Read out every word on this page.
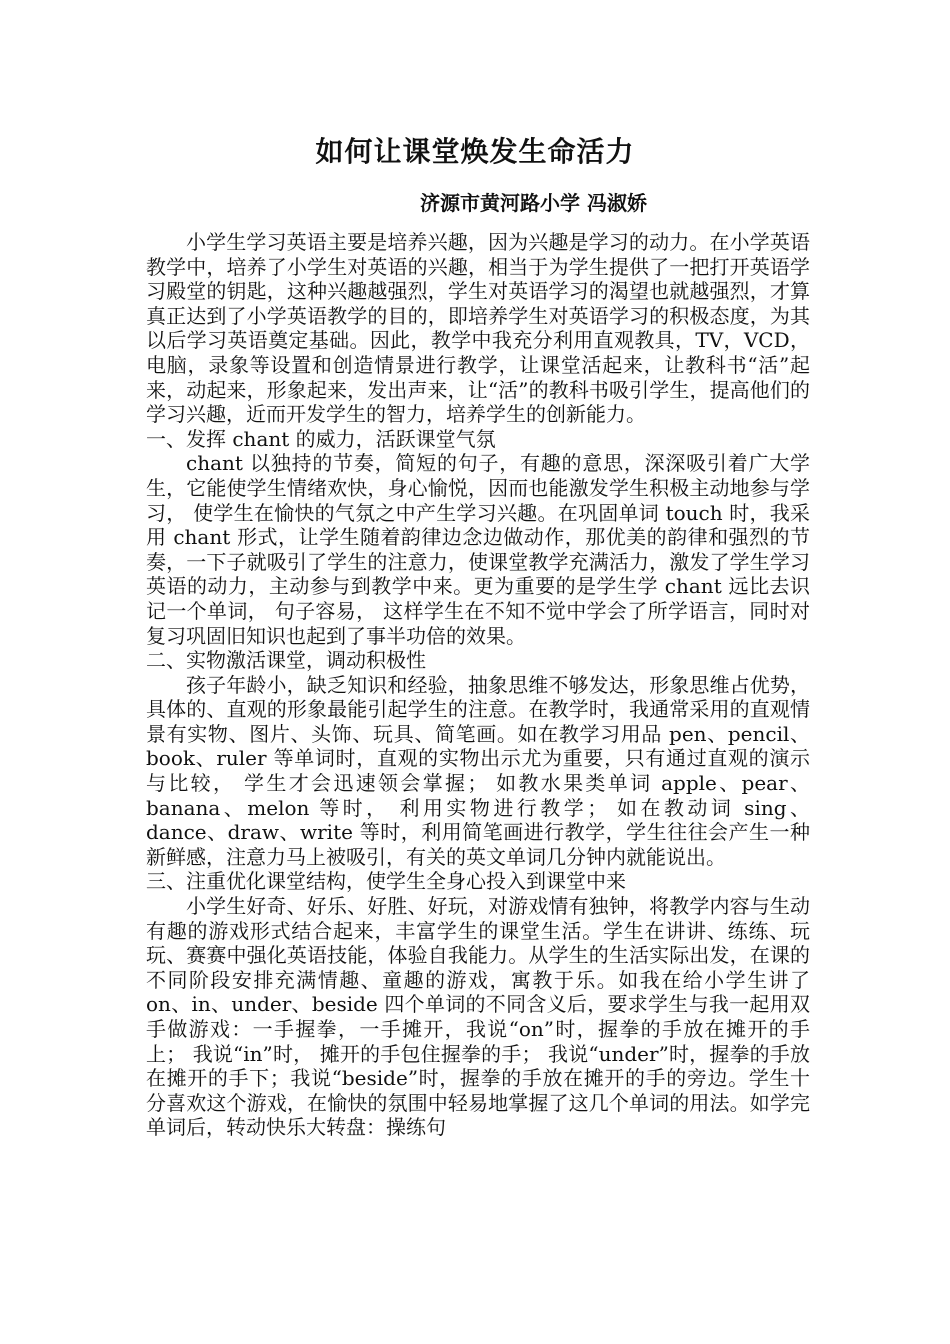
如何让课堂焕发生命活力
济源市黄河路小学 冯淑娇

小学生学习英语主要是培养兴趣，因为兴趣是学习的动力。在小学英语教学中，培养了小学生对英语的兴趣，相当于为学生提供了一把打开英语学习殿堂的钥匙，这种兴趣越强烈，学生对英语学习的渴望也就越强烈，才算真正达到了小学英语教学的目的，即培养学生对英语学习的积极态度，为其以后学习英语奠定基础。因此，教学中我充分利用直观教具，TV，VCD，电脑，录象等设置和创造情景进行教学，让课堂活起来，让教科书“活”起来，动起来，形象起来，发出声来，让“活”的教科书吸引学生，提高他们的学习兴趣，近而开发学生的智力，培养学生的创新能力。

一、发挥 chant 的威力，活跃课堂气氛

chant 以独持的节奏，简短的句子，有趣的意思，深深吸引着广大学生，它能使学生情绪欢快，身心愉悦，因而也能激发学生积极主动地参与学习， 使学生在愉快的气氛之中产生学习兴趣。在巩固单词 touch 时，我采用 chant 形式，让学生随着韵律边念边做动作，那优美的韵律和强烈的节奏，一下子就吸引了学生的注意力，使课堂教学充满活力，激发了学生学习英语的动力，主动参与到教学中来。更为重要的是学生学 chant 远比去识记一个单词， 句子容易， 这样学生在不知不觉中学会了所学语言，同时对复习巩固旧知识也起到了事半功倍的效果。

二、实物激活课堂，调动积极性

孩子年龄小，缺乏知识和经验，抽象思维不够发达，形象思维占优势，具体的、直观的形象最能引起学生的注意。在教学时，我通常采用的直观情景有实物、图片、头饰、玩具、简笔画。如在教学习用品 pen、pencil、book、ruler 等单词时，直观的实物出示尤为重要，只有通过直观的演示与比较， 学生才会迅速领会掌握； 如教水果类单词 apple、pear、banana、melon 等时， 利用实物进行教学； 如在教动词 sing、dance、draw、write 等时，利用简笔画进行教学，学生往往会产生一种新鲜感，注意力马上被吸引，有关的英文单词几分钟内就能说出。

三、注重优化课堂结构，使学生全身心投入到课堂中来

小学生好奇、好乐、好胜、好玩，对游戏情有独钟，将教学内容与生动有趣的游戏形式结合起来，丰富学生的课堂生活。学生在讲讲、练练、玩玩、赛赛中强化英语技能，体验自我能力。从学生的生活实际出发，在课的不同阶段安排充满情趣、童趣的游戏，寓教于乐。如我在给小学生讲了 on、in、under、beside 四个单词的不同含义后，要求学生与我一起用双手做游戏：一手握拳，一手摊开，我说“on”时，握拳的手放在摊开的手上； 我说“in”时， 摊开的手包住握拳的手； 我说“under”时，握拳的手放在摊开的手下；我说“beside”时，握拳的手放在摊开的手的旁边。学生十分喜欢这个游戏，在愉快的氛围中轻易地掌握了这几个单词的用法。如学完单词后，转动快乐大转盘：操练句
